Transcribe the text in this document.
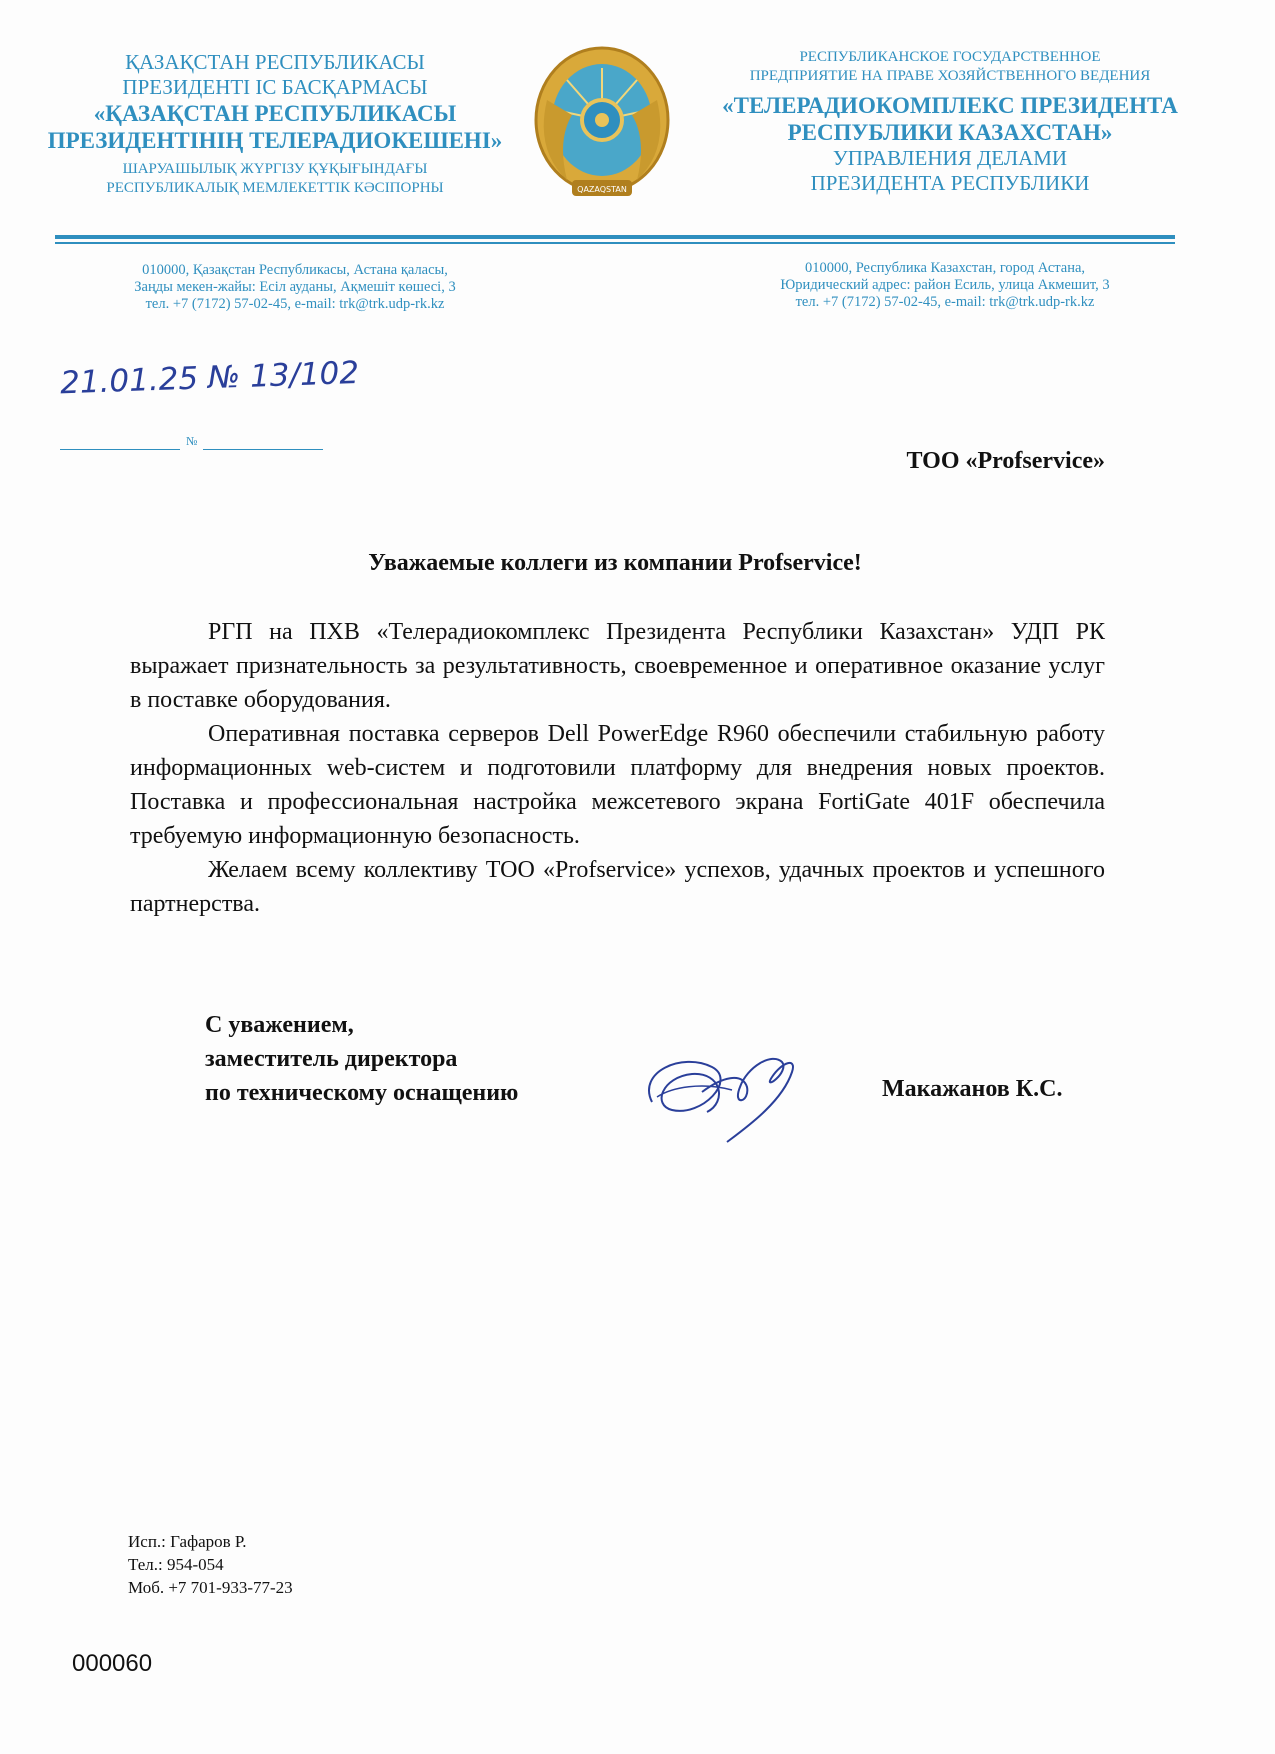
ҚАЗАҚСТАН РЕСПУБЛИКАСЫ
ПРЕЗИДЕНТІ ІС БАСҚАРМАСЫ
«ҚАЗАҚСТАН РЕСПУБЛИКАСЫ
ПРЕЗИДЕНТІНІҢ ТЕЛЕРАДИОКЕШЕНІ»
ШАРУАШЫЛЫҚ ЖҮРГІЗУ ҚҰҚЫҒЫНДАҒЫ
РЕСПУБЛИКАЛЫҚ МЕМЛЕКЕТТІК КӘСІПОРНЫ	QAZAQSTAN
РЕСПУБЛИКАНСКОЕ ГОСУДАРСТВЕННОЕ
ПРЕДПРИЯТИЕ НА ПРАВЕ ХОЗЯЙСТВЕННОГО ВЕДЕНИЯ
«ТЕЛЕРАДИОКОМПЛЕКС ПРЕЗИДЕНТА
РЕСПУБЛИКИ КАЗАХСТАН»
УПРАВЛЕНИЯ ДЕЛАМИ
ПРЕЗИДЕНТА РЕСПУБЛИКИ
010000, Қазақстан Республикасы, Астана қаласы,
Заңды мекен-жайы: Есіл ауданы, Ақмешіт көшесі, 3
тел. +7 (7172) 57-02-45, e-mail: trk@trk.udp-rk.kz
010000, Республика Казахстан, город Астана,
Юридический адрес: район Есиль, улица Акмешит, 3
тел. +7 (7172) 57-02-45, e-mail: trk@trk.udp-rk.kz
21.01.25 № 13/102
№
ТОО «Profservice»
Уважаемые коллеги из компании Profservice!

РГП на ПХВ «Телерадиокомплекс Президента Республики Казахстан» УДП РК выражает признательность за результативность, своевременное и оперативное оказание услуг в поставке оборудования.

Оперативная поставка серверов Dell PowerEdge R960 обеспечили стабильную работу информационных web-систем и подготовили платформу для внедрения новых проектов. Поставка и профессиональная настройка межсетевого экрана FortiGate 401F обеспечила требуемую информационную безопасность.

Желаем всему коллективу ТОО «Profservice» успехов, удачных проектов и успешного партнерства.

С уважением,
заместитель директора
по техническому оснащению	Макажанов К.С.
Исп.: Гафаров Р.
Тел.: 954-054
Моб. +7 701-933-77-23
000060
